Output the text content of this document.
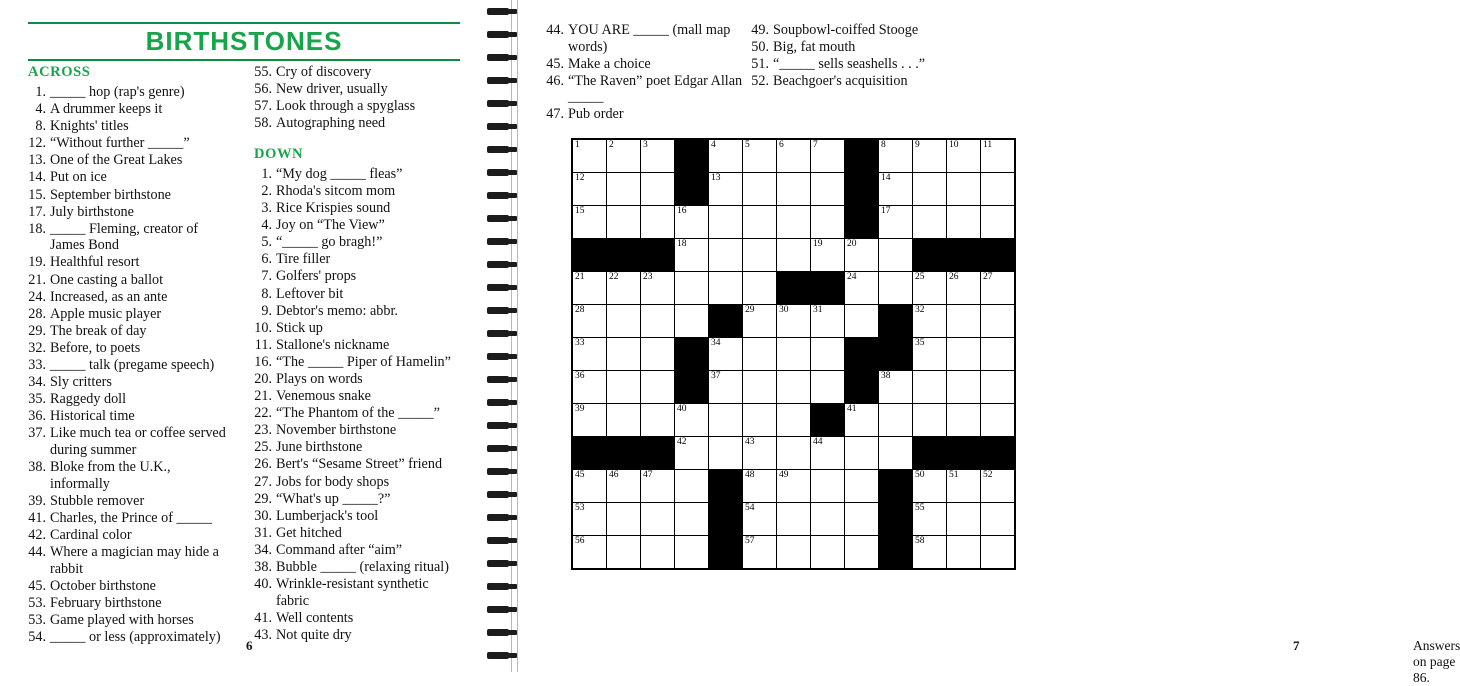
BIRTHSTONES
ACROSS
1. _____ hop (rap's genre)
4. A drummer keeps it
8. Knights' titles
12. “Without further _____”
13. One of the Great Lakes
14. Put on ice
15. September birthstone
17. July birthstone
18. _____ Fleming, creator of James Bond
19. Healthful resort
21. One casting a ballot
24. Increased, as an ante
28. Apple music player
29. The break of day
32. Before, to poets
33. _____ talk (pregame speech)
34. Sly critters
35. Raggedy doll
36. Historical time
37. Like much tea or coffee served during summer
38. Bloke from the U.K., informally
39. Stubble remover
41. Charles, the Prince of _____
42. Cardinal color
44. Where a magician may hide a rabbit
45. October birthstone
53. February birthstone
53. Game played with horses
54. _____ or less (approximately)
55. Cry of discovery
56. New driver, usually
57. Look through a spyglass
58. Autographing need
DOWN
1. “My dog _____ fleas”
2. Rhoda's sitcom mom
3. Rice Krispies sound
4. Joy on “The View”
5. “_____ go bragh!”
6. Tire filler
7. Golfers' props
8. Leftover bit
9. Debtor's memo: abbr.
10. Stick up
11. Stallone's nickname
16. “The _____ Piper of Hamelin”
20. Plays on words
21. Venemous snake
22. “The Phantom of the _____”
23. November birthstone
25. June birthstone
26. Bert's “Sesame Street” friend
27. Jobs for body shops
29. “What's up _____?”
30. Lumberjack's tool
31. Get hitched
34. Command after “aim”
38. Bubble _____ (relaxing ritual)
40. Wrinkle-resistant synthetic fabric
41. Well contents
43. Not quite dry
6
44. YOU ARE _____ (mall map words)
45. Make a choice
46. “The Raven” poet Edgar Allan _____
47. Pub order
49. Soupbowl-coiffed Stooge
50. Big, fat mouth
51. “_____ sells seashells . . .”
52. Beachgoer's acquisition
1	2	3		4	5	6	7		8	9	10	11

12				13					14			

15			16						17			

			18				19	20				

21	22	23						24		25	26	27

28					29	30	31			32		

33				34						35		

36				37					38			

39			40					41				

			42		43		44					

45	46	47			48	49				50	51	52

53					54					55		

56					57					58		

7	Answers on page 86.
